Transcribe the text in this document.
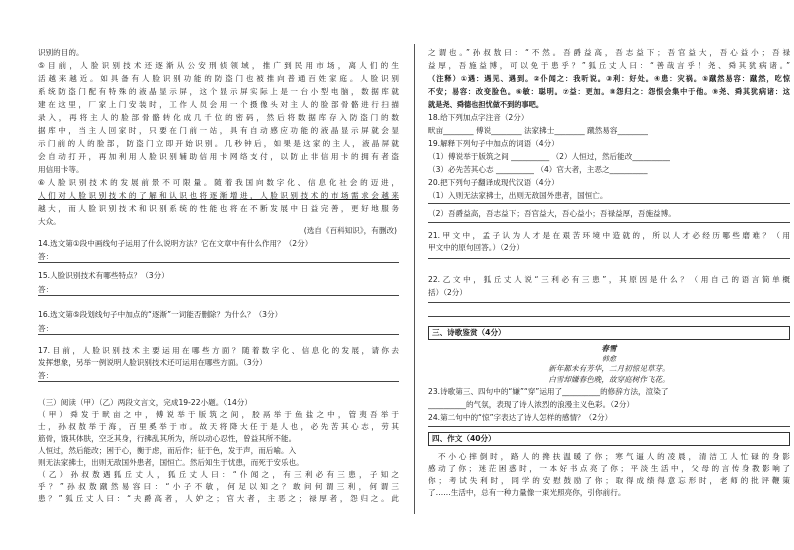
识别的目的。
⑤目前，人脸识别技术还逐渐从公安刑侦领域，推广到民用市场，离人们的生
活越来越近。如具备有人脸识别功能的防盗门也被推向普通百姓家庭。人脸识别
系统防盗门配有特殊的液晶显示屏，这个显示屏实际上是一台小型电脑，数据库就
建在这里，厂家上门安装时，工作人员会用一个摄像头对主人的脸部骨骼进行扫描
录入，再将主人的脸部骨骼转化成几千位的密码，然后将数据库存入防盗门的数
据库中，当主人回家时，只要在门前一站，具有自动感应功能的液晶显示屏就会显
示门前的人的脸部，防盗门立即开始识别。几秒钟后，如果是这家的主人，液晶屏就
会自动打开，再加利用人脸识别辅助信用卡网络支付，以防止非信用卡的拥有者盗
用信用卡等。
⑥人脸识别技术的发展前景不可限量。随着我国向数字化、信息化社会的迈进，
人们对人脸识别技术的了解和认识也将逐渐增进，人脸识别技术的市场需求会越来
越大，而人脸识别技术和识别系统的性能也将在不断发展中日益完善，更好地服务
大众。
(选自《百科知识》，有删改)
14.选文第①段中画线句子运用了什么说明方法？它在文章中有什么作用？（2分）
答：
15.人脸识别技术有哪些特点？（3分）
答：
16.选文第⑤段划线句子中加点的“逐渐”一词能否删除？为什么？（3分）
答：
17.目前，人脸识别技术主要运用在哪些方面？随着数字化、信息化的发展，请你去
发挥想象，另举一例说明人脸识别技术还可运用在哪些方面。（3分）
答：
（三）阅读（甲）（乙）两段文言文，完成19-22小题。（14分）
（甲）舜发于畎亩之中，傅说举于版筑之间，胶鬲举于鱼盐之中，管夷吾举于
士，孙叔敖举于海，百里奚举于市。故天将降大任于是人也，必先苦其心志，劳其
筋骨，饿其体肤，空乏其身，行拂乱其所为，所以动心忍性，曾益其所不能。
人恒过，然后能改；困于心，衡于虑，而后作；征于色，发于声，而后喻。入
则无法家拂士，出则无敌国外患者，国恒亡。然后知生于忧患，而死于安乐也。
（乙）孙叔敖遇狐丘丈人，狐丘丈人曰：“仆闻之，有三利必有三患，子知之
乎？”孙叔敖蹴然易容曰：“小子不敏，何足以知之？敢问何谓三利，何谓三
患？”狐丘丈人曰：“夫爵高者，人妒之；官大者，主恶之；禄厚者，怨归之。此
之谓也。”孙叔敖曰：“不然。吾爵益高，吾志益下；吾官益大，吾心益小；吾禄
益厚，吾施益博，可以免于患乎？”狐丘丈人曰：“善哉言乎！尧、舜其犹病诸。”
（注释）①遇：遇见、遇到。②仆闻之：我听说。③利：好处。④患：灾祸。⑤蹴然易容：蹴然，吃惊
不安；易容：改变脸色。⑥敏：聪明。⑦益：更加。⑧怨归之：怨恨会集中于他。⑨尧、舜其犹病诸：这
就是尧、舜德也担忧做不到的事吧。
18.给下列加点字注音（2分）
畎亩________ 傅说________ 法家拂士________ 蹴然易容________
19.解释下列句子中加点的词语（4分）
（1）傅说举于版筑之间 __________ （2）人恒过，然后能改__________
（3）必先苦其心志 __________ （4）官大者，主恶之__________
20.把下列句子翻译成现代汉语（4分）
（1）入则无法家拂士，出则无敌国外患者，国恒亡。
（2）吾爵益高，吾志益下；吾官益大，吾心益小；吾禄益厚，吾施益博。
21.甲文中，孟子认为人才是在艰苦环境中造就的，所以人才必经历哪些磨难？（用
甲文中的原句回答。）（2分）
22.乙文中，狐丘丈人说“三利必有三患”，其原因是什么？（用自己的语言简单概
括）（2分）
三、诗歌鉴赏（4分）
春雪
韩愈
新年都未有芳华，二月初惊见草芽。
白雪却嫌春色晚，故穿庭树作飞花。
23.诗歌第三、四句中的“嫌”“穿”运用了__________的修辞方法，渲染了
__________的气氛，表现了诗人浓烈的浪漫主义色彩。（2分）
24.第二句中的“惊”字表达了诗人怎样的感情？（2分）
四、作文（40分）
不小心摔倒时，路人的搀扶温暖了你；寒气逼人的凌晨，清洁工人忙碌的身影
感动了你；迷茫困惑时，一本好书点亮了你；平淡生活中，父母的言传身教影响了
你；考试失利时，同学的安慰鼓励了你；取得成绩得意忘形时，老师的批评鞭策
了……生活中，总有一种力量像一束光照亮你，引你前行。
